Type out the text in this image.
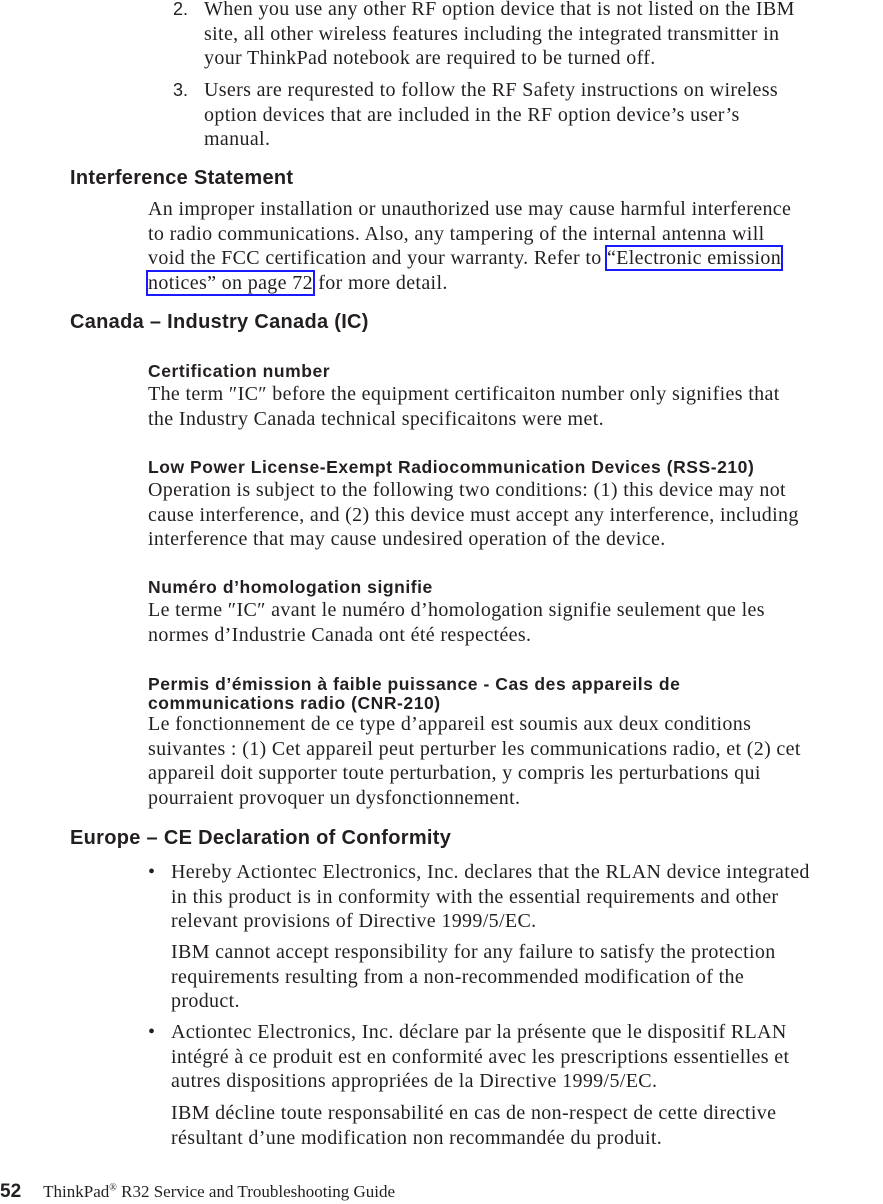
2. When you use any other RF option device that is not listed on the IBM
site, all other wireless features including the integrated transmitter in
your ThinkPad notebook are required to be turned off.
3. Users are requrested to follow the RF Safety instructions on wireless
option devices that are included in the RF option device’s user’s
manual.
Interference Statement
An improper installation or unauthorized use may cause harmful interference
to radio communications. Also, any tampering of the internal antenna will
void the FCC certification and your warranty. Refer to “Electronic emission
notices” on page 72 for more detail.
Canada – Industry Canada (IC)
Certification number
The term ″IC″ before the equipment certificaiton number only signifies that
the Industry Canada technical specificaitons were met.
Low Power License-Exempt Radiocommunication Devices (RSS-210)
Operation is subject to the following two conditions: (1) this device may not
cause interference, and (2) this device must accept any interference, including
interference that may cause undesired operation of the device.
Numéro d’homologation signifie
Le terme ″IC″ avant le numéro d’homologation signifie seulement que les
normes d’Industrie Canada ont été respectées.
Permis d’émission à faible puissance - Cas des appareils de
communications radio (CNR-210)
Le fonctionnement de ce type d’appareil est soumis aux deux conditions
suivantes : (1) Cet appareil peut perturber les communications radio, et (2) cet
appareil doit supporter toute perturbation, y compris les perturbations qui
pourraient provoquer un dysfonctionnement.
Europe – CE Declaration of Conformity
• Hereby Actiontec Electronics, Inc. declares that the RLAN device integrated
in this product is in conformity with the essential requirements and other
relevant provisions of Directive 1999/5/EC.
IBM cannot accept responsibility for any failure to satisfy the protection
requirements resulting from a non-recommended modification of the
product.
• Actiontec Electronics, Inc. déclare par la présente que le dispositif RLAN
intégré à ce produit est en conformité avec les prescriptions essentielles et
autres dispositions appropriées de la Directive 1999/5/EC.
IBM décline toute responsabilité en cas de non-respect de cette directive
résultant d’une modification non recommandée du produit.
52 ThinkPad® R32 Service and Troubleshooting Guide
